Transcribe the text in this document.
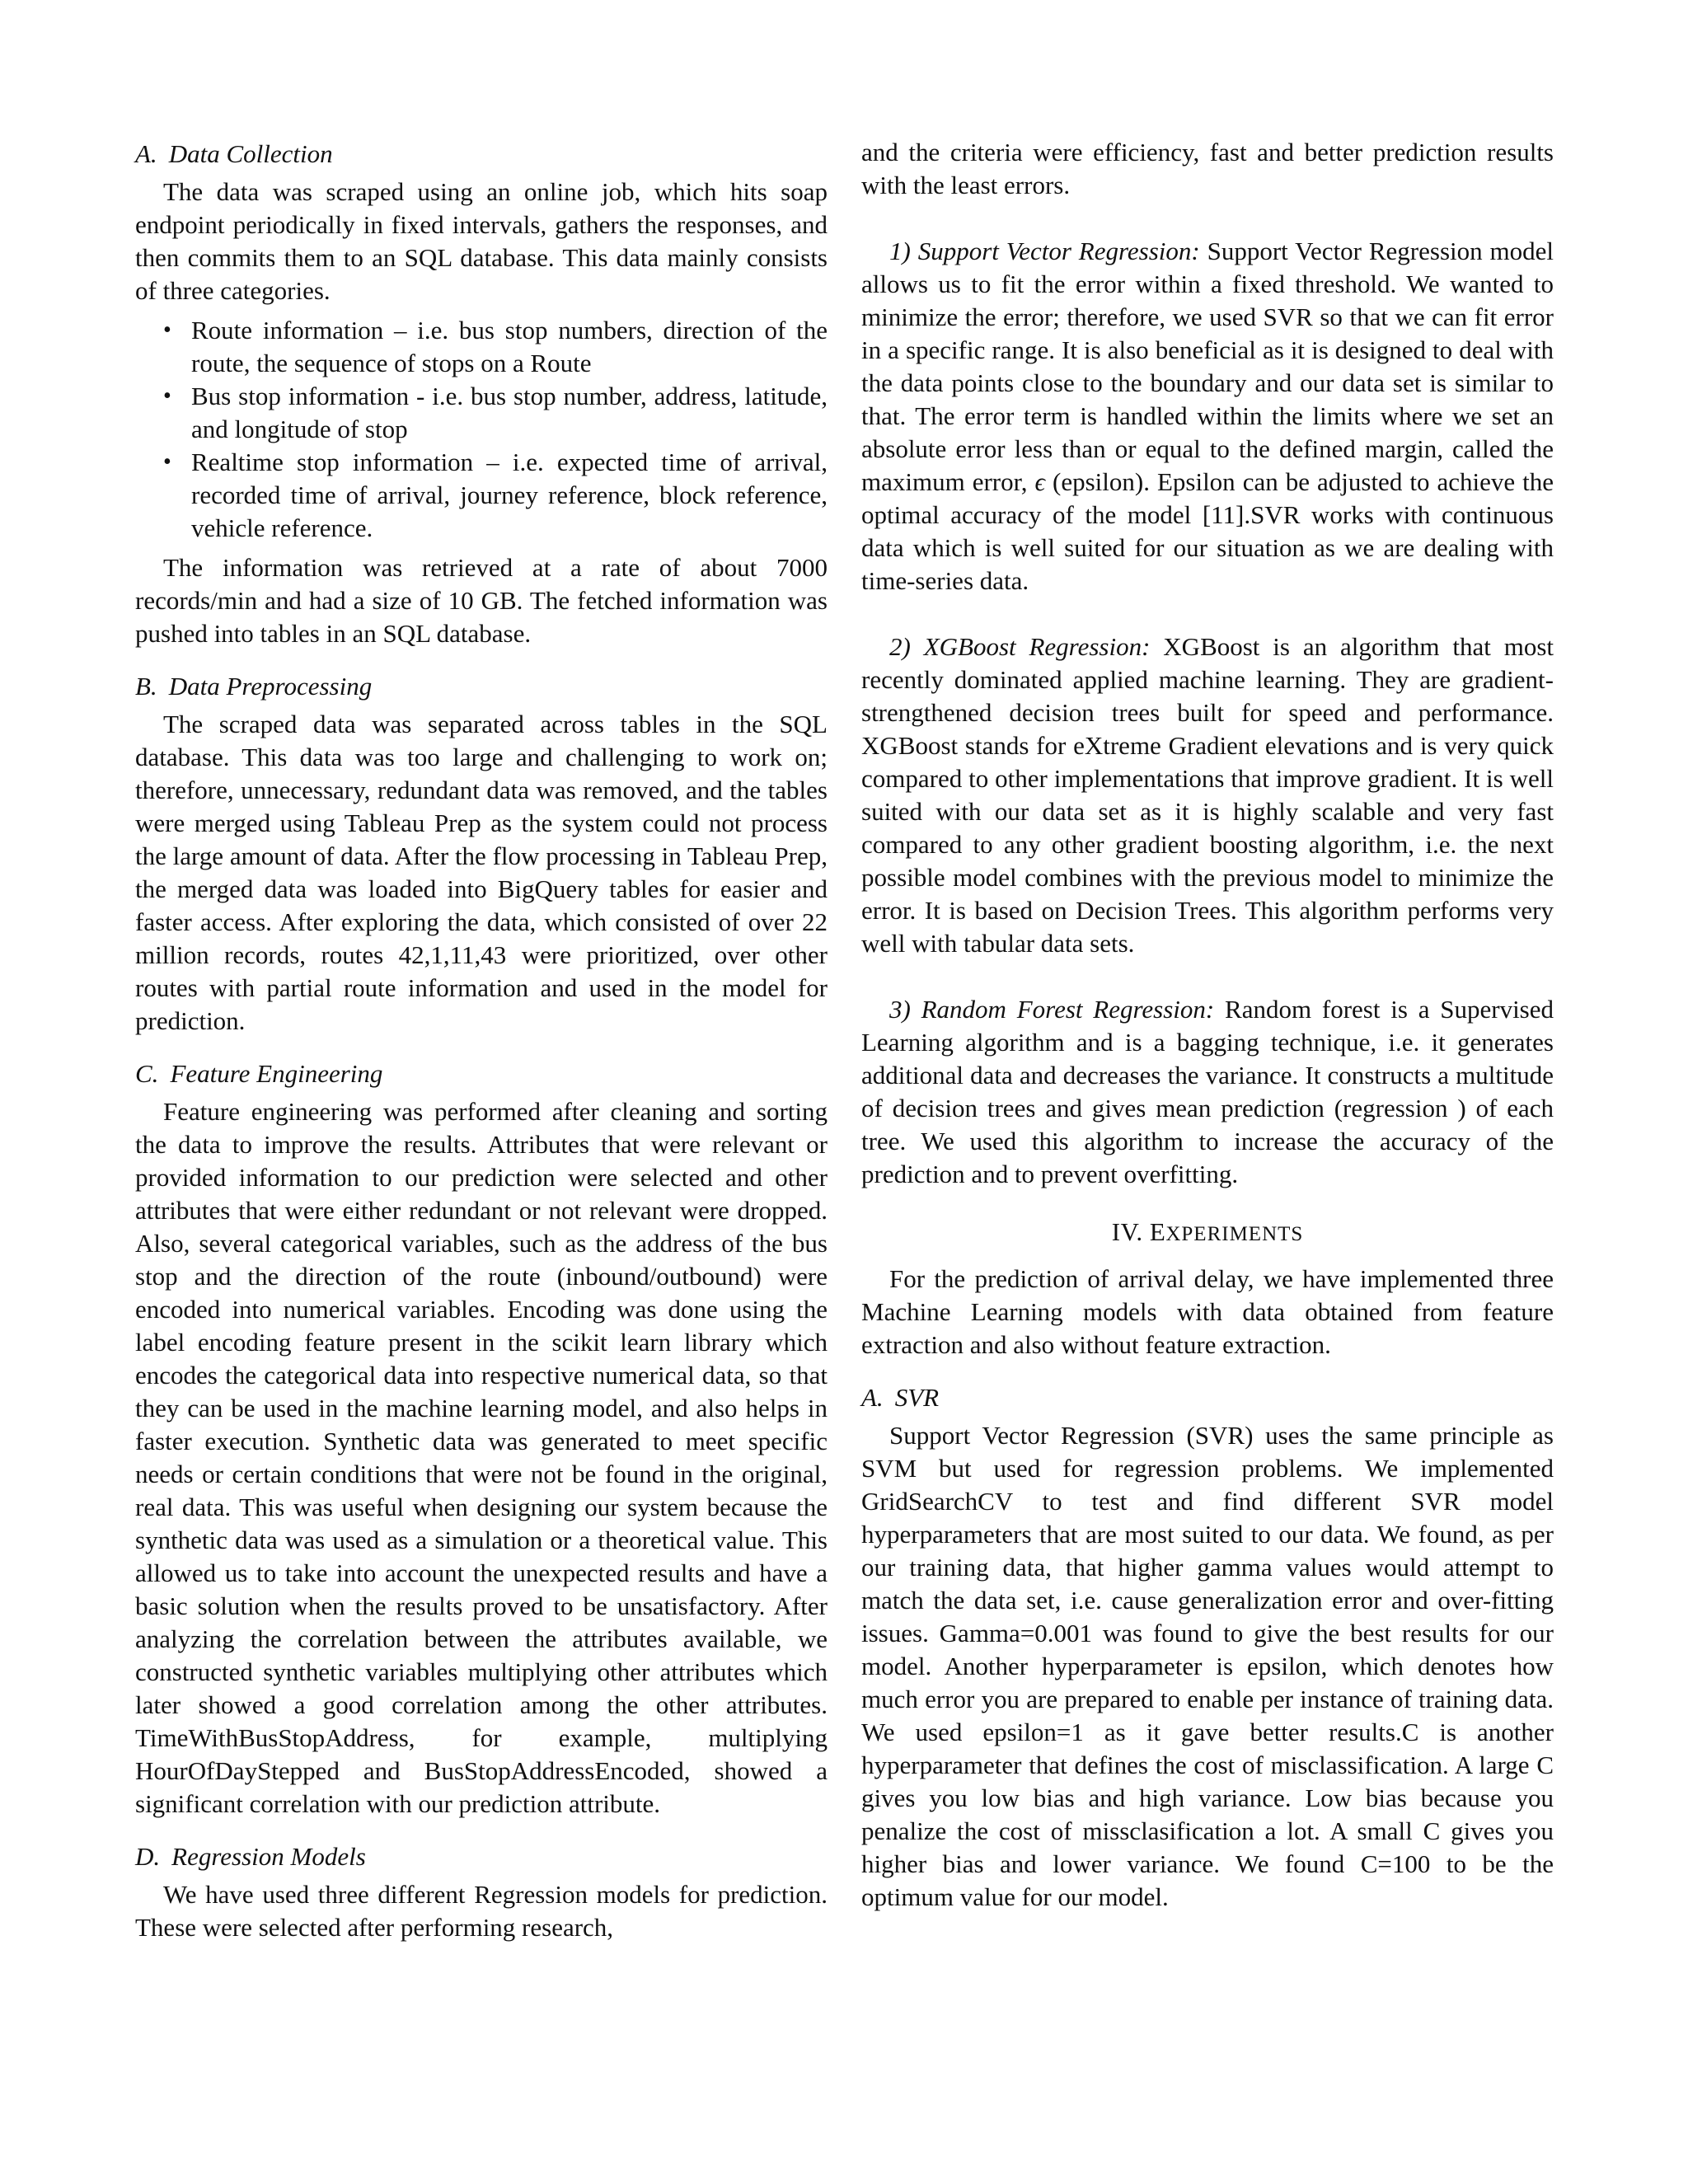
A. Data Collection

The data was scraped using an online job, which hits soap endpoint periodically in fixed intervals, gathers the responses, and then commits them to an SQL database. This data mainly consists of three categories.

• Route information – i.e. bus stop numbers, direction of the route, the sequence of stops on a Route
• Bus stop information - i.e. bus stop number, address, latitude, and longitude of stop
• Realtime stop information – i.e. expected time of arrival, recorded time of arrival, journey reference, block reference, vehicle reference.

The information was retrieved at a rate of about 7000 records/min and had a size of 10 GB. The fetched information was pushed into tables in an SQL database.

B. Data Preprocessing

The scraped data was separated across tables in the SQL database. This data was too large and challenging to work on; therefore, unnecessary, redundant data was removed, and the tables were merged using Tableau Prep as the system could not process the large amount of data. After the flow processing in Tableau Prep, the merged data was loaded into BigQuery tables for easier and faster access. After exploring the data, which consisted of over 22 million records, routes 42,1,11,43 were prioritized, over other routes with partial route information and used in the model for prediction.

C. Feature Engineering

Feature engineering was performed after cleaning and sorting the data to improve the results. Attributes that were relevant or provided information to our prediction were selected and other attributes that were either redundant or not relevant were dropped. Also, several categorical variables, such as the address of the bus stop and the direction of the route (inbound/outbound) were encoded into numerical variables. Encoding was done using the label encoding feature present in the scikit learn library which encodes the categorical data into respective numerical data, so that they can be used in the machine learning model, and also helps in faster execution. Synthetic data was generated to meet specific needs or certain conditions that were not be found in the original, real data. This was useful when designing our system because the synthetic data was used as a simulation or a theoretical value. This allowed us to take into account the unexpected results and have a basic solution when the results proved to be unsatisfactory. After analyzing the correlation between the attributes available, we constructed synthetic variables multiplying other attributes which later showed a good correlation among the other attributes. TimeWithBusStopAddress, for example, multiplying HourOfDayStepped and BusStopAddressEncoded, showed a significant correlation with our prediction attribute.

D. Regression Models

We have used three different Regression models for prediction. These were selected after performing research,

and the criteria were efficiency, fast and better prediction results with the least errors.

1) Support Vector Regression: Support Vector Regression model allows us to fit the error within a fixed threshold. We wanted to minimize the error; therefore, we used SVR so that we can fit error in a specific range. It is also beneficial as it is designed to deal with the data points close to the boundary and our data set is similar to that. The error term is handled within the limits where we set an absolute error less than or equal to the defined margin, called the maximum error, ϵ (epsilon). Epsilon can be adjusted to achieve the optimal accuracy of the model [11].SVR works with continuous data which is well suited for our situation as we are dealing with time-series data.

2) XGBoost Regression: XGBoost is an algorithm that most recently dominated applied machine learning. They are gradient-strengthened decision trees built for speed and performance. XGBoost stands for eXtreme Gradient elevations and is very quick compared to other implementations that improve gradient. It is well suited with our data set as it is highly scalable and very fast compared to any other gradient boosting algorithm, i.e. the next possible model combines with the previous model to minimize the error. It is based on Decision Trees. This algorithm performs very well with tabular data sets.

3) Random Forest Regression: Random forest is a Supervised Learning algorithm and is a bagging technique, i.e. it generates additional data and decreases the variance. It constructs a multitude of decision trees and gives mean prediction (regression ) of each tree. We used this algorithm to increase the accuracy of the prediction and to prevent overfitting.

IV. EXPERIMENTS

For the prediction of arrival delay, we have implemented three Machine Learning models with data obtained from feature extraction and also without feature extraction.

A. SVR

Support Vector Regression (SVR) uses the same principle as SVM but used for regression problems. We implemented GridSearchCV to test and find different SVR model hyperparameters that are most suited to our data. We found, as per our training data, that higher gamma values would attempt to match the data set, i.e. cause generalization error and over-fitting issues. Gamma=0.001 was found to give the best results for our model. Another hyperparameter is epsilon, which denotes how much error you are prepared to enable per instance of training data. We used epsilon=1 as it gave better results.C is another hyperparameter that defines the cost of misclassification. A large C gives you low bias and high variance. Low bias because you penalize the cost of missclasification a lot. A small C gives you higher bias and lower variance. We found C=100 to be the optimum value for our model.
